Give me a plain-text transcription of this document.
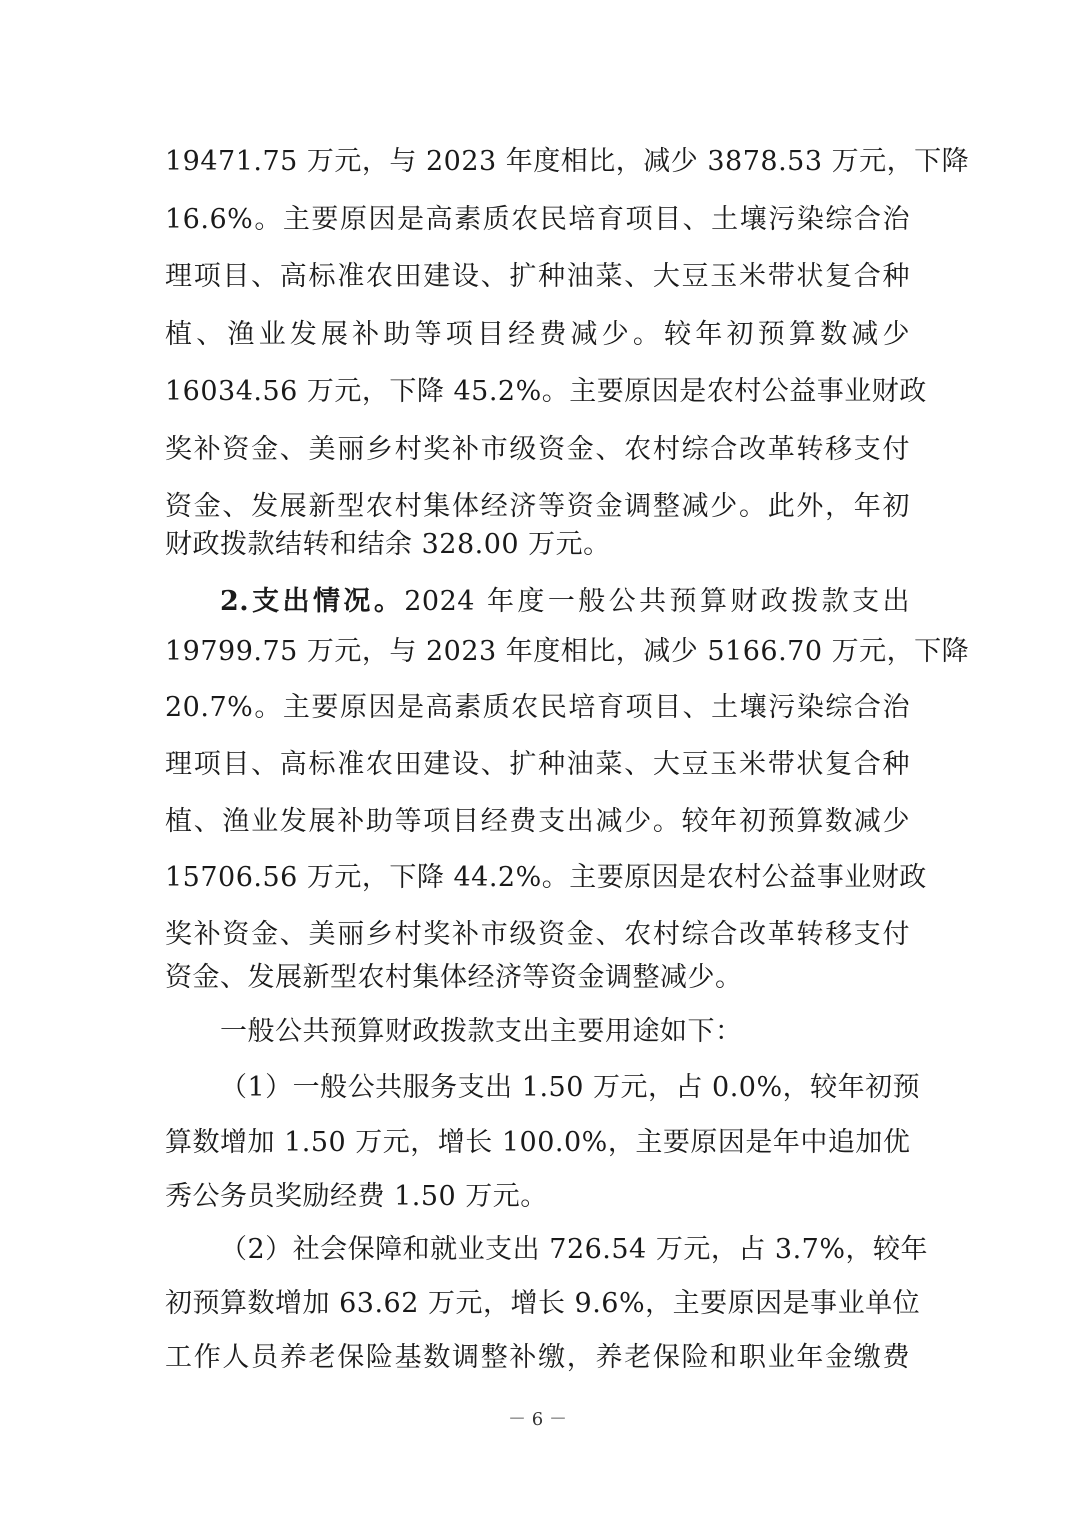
19471.75 万元，与 2023 年度相比，减少 3878.53 万元，下降
16.6%。主要原因是高素质农民培育项目、土壤污染综合治
理项目、高标准农田建设、扩种油菜、大豆玉米带状复合种
植、渔业发展补助等项目经费减少。较年初预算数减少
16034.56 万元，下降 45.2%。主要原因是农村公益事业财政
奖补资金、美丽乡村奖补市级资金、农村综合改革转移支付
资金、发展新型农村集体经济等资金调整减少。此外，年初
财政拨款结转和结余 328.00 万元。
2.支出情况。2024 年度一般公共预算财政拨款支出
19799.75 万元，与 2023 年度相比，减少 5166.70 万元，下降
20.7%。主要原因是高素质农民培育项目、土壤污染综合治
理项目、高标准农田建设、扩种油菜、大豆玉米带状复合种
植、渔业发展补助等项目经费支出减少。较年初预算数减少
15706.56 万元，下降 44.2%。主要原因是农村公益事业财政
奖补资金、美丽乡村奖补市级资金、农村综合改革转移支付
资金、发展新型农村集体经济等资金调整减少。
一般公共预算财政拨款支出主要用途如下：
（1）一般公共服务支出 1.50 万元，占 0.0%，较年初预
算数增加 1.50 万元，增长 100.0%，主要原因是年中追加优
秀公务员奖励经费 1.50 万元。
（2）社会保障和就业支出 726.54 万元，占 3.7%，较年
初预算数增加 63.62 万元，增长 9.6%，主要原因是事业单位
工作人员养老保险基数调整补缴，养老保险和职业年金缴费
－ 6 －
